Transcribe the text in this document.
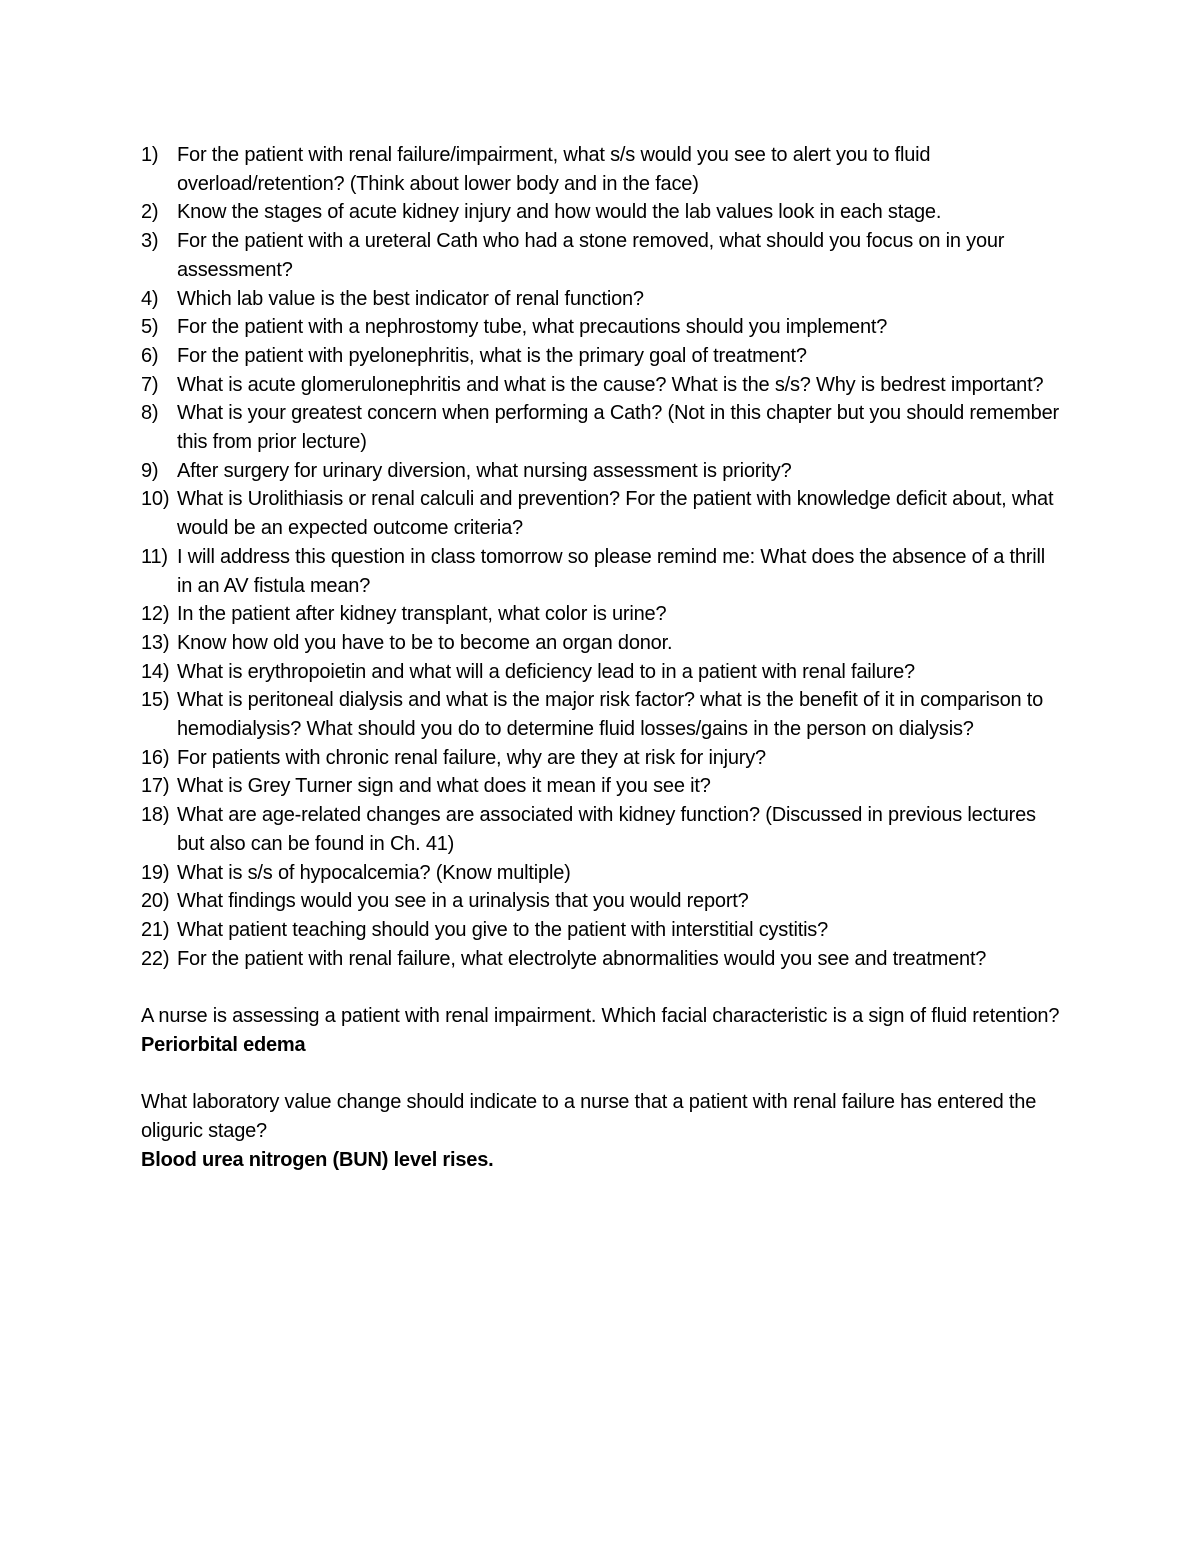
1) For the patient with renal failure/impairment, what s/s would you see to alert you to fluid overload/retention? (Think about lower body and in the face)
2) Know the stages of acute kidney injury and how would the lab values look in each stage.
3) For the patient with a ureteral Cath who had a stone removed, what should you focus on in your assessment?
4) Which lab value is the best indicator of renal function?
5) For the patient with a nephrostomy tube, what precautions should you implement?
6) For the patient with pyelonephritis, what is the primary goal of treatment?
7) What is acute glomerulonephritis and what is the cause? What is the s/s? Why is bedrest important?
8) What is your greatest concern when performing a Cath? (Not in this chapter but you should remember this from prior lecture)
9) After surgery for urinary diversion, what nursing assessment is priority?
10) What is Urolithiasis or renal calculi and prevention? For the patient with knowledge deficit about, what would be an expected outcome criteria?
11) I will address this question in class tomorrow so please remind me: What does the absence of a thrill in an AV fistula mean?
12) In the patient after kidney transplant, what color is urine?
13) Know how old you have to be to become an organ donor.
14) What is erythropoietin and what will a deficiency lead to in a patient with renal failure?
15) What is peritoneal dialysis and what is the major risk factor? what is the benefit of it in comparison to hemodialysis? What should you do to determine fluid losses/gains in the person on dialysis?
16) For patients with chronic renal failure, why are they at risk for injury?
17) What is Grey Turner sign and what does it mean if you see it?
18) What are age-related changes are associated with kidney function? (Discussed in previous lectures but also can be found in Ch. 41)
19) What is s/s of hypocalcemia? (Know multiple)
20) What findings would you see in a urinalysis that you would report?
21) What patient teaching should you give to the patient with interstitial cystitis?
22) For the patient with renal failure, what electrolyte abnormalities would you see and treatment?

A nurse is assessing a patient with renal impairment. Which facial characteristic is a sign of fluid retention?

Periorbital edema

What laboratory value change should indicate to a nurse that a patient with renal failure has entered the oliguric stage?

Blood urea nitrogen (BUN) level rises.
